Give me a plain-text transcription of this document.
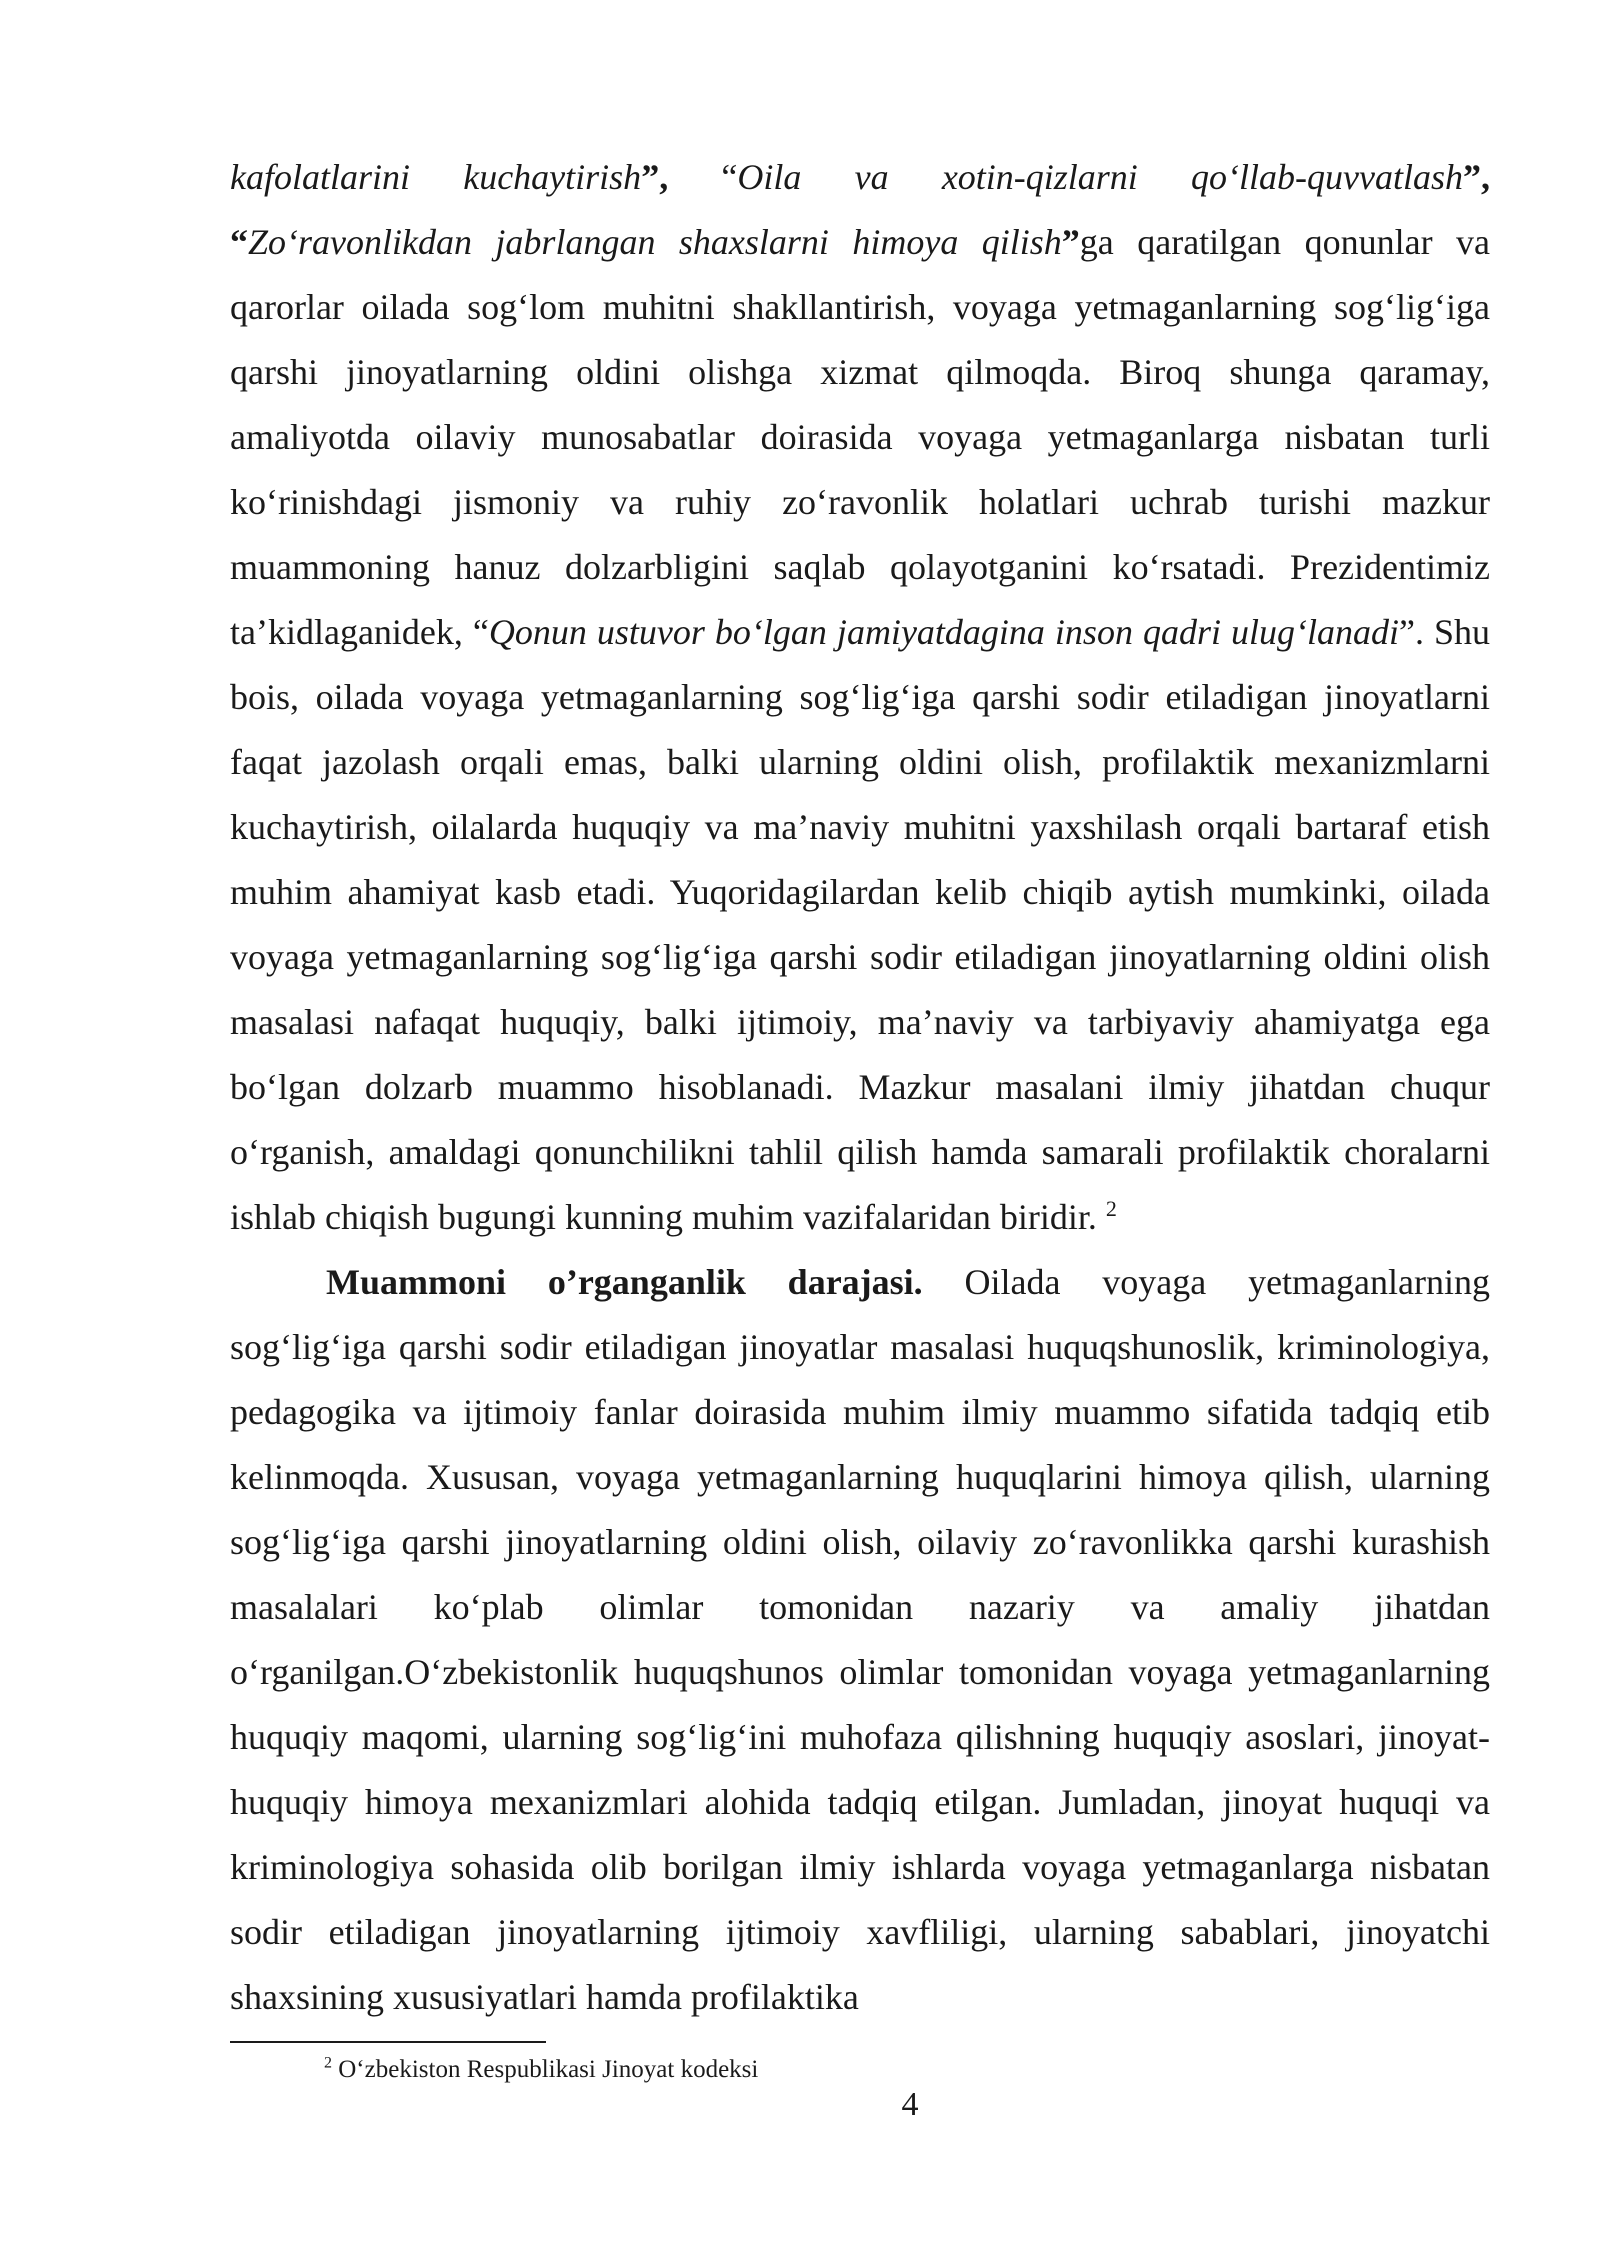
kafolatlarini kuchaytirish”, “Oila va xotin-qizlarni qo‘llab-quvvatlash”, “Zo‘ravonlikdan jabrlangan shaxslarni himoya qilish”ga qaratilgan qonunlar va qarorlar oilada sog‘lom muhitni shakllantirish, voyaga yetmaganlarning sog‘lig‘iga qarshi jinoyatlarning oldini olishga xizmat qilmoqda. Biroq shunga qaramay, amaliyotda oilaviy munosabatlar doirasida voyaga yetmaganlarga nisbatan turli ko‘rinishdagi jismoniy va ruhiy zo‘ravonlik holatlari uchrab turishi mazkur muammoning hanuz dolzarbligini saqlab qolayotganini ko‘rsatadi. Prezidentimiz ta’kidlaganidek, “Qonun ustuvor bo‘lgan jamiyatdagina inson qadri ulug‘lanadi”. Shu bois, oilada voyaga yetmaganlarning sog‘lig‘iga qarshi sodir etiladigan jinoyatlarni faqat jazolash orqali emas, balki ularning oldini olish, profilaktik mexanizmlarni kuchaytirish, oilalarda huquqiy va ma’naviy muhitni yaxshilash orqali bartaraf etish muhim ahamiyat kasb etadi. Yuqoridagilardan kelib chiqib aytish mumkinki, oilada voyaga yetmaganlarning sog‘lig‘iga qarshi sodir etiladigan jinoyatlarning oldini olish masalasi nafaqat huquqiy, balki ijtimoiy, ma’naviy va tarbiyaviy ahamiyatga ega bo‘lgan dolzarb muammo hisoblanadi. Mazkur masalani ilmiy jihatdan chuqur o‘rganish, amaldagi qonunchilikni tahlil qilish hamda samarali profilaktik choralarni ishlab chiqish bugungi kunning muhim vazifalaridan biridir. $^2$

Muammoni o’rganganlik darajasi. Oilada voyaga yetmaganlarning sog‘lig‘iga qarshi sodir etiladigan jinoyatlar masalasi huquqshunoslik, kriminologiya, pedagogika va ijtimoiy fanlar doirasida muhim ilmiy muammo sifatida tadqiq etib kelinmoqda. Xususan, voyaga yetmaganlarning huquqlarini himoya qilish, ularning sog‘lig‘iga qarshi jinoyatlarning oldini olish, oilaviy zo‘ravonlikka qarshi kurashish masalalari ko‘plab olimlar tomonidan nazariy va amaliy jihatdan o‘rganilgan.O‘zbekistonlik huquqshunos olimlar tomonidan voyaga yetmaganlarning huquqiy maqomi, ularning sog‘lig‘ini muhofaza qilishning huquqiy asoslari, jinoyat-huquqiy himoya mexanizmlari alohida tadqiq etilgan. Jumladan, jinoyat huquqi va kriminologiya sohasida olib borilgan ilmiy ishlarda voyaga yetmaganlarga nisbatan sodir etiladigan jinoyatlarning ijtimoiy xavfliligi, ularning sabablari, jinoyatchi shaxsining xususiyatlari hamda profilaktika

$^2$ O‘zbekiston Respublikasi Jinoyat kodeksi
4
